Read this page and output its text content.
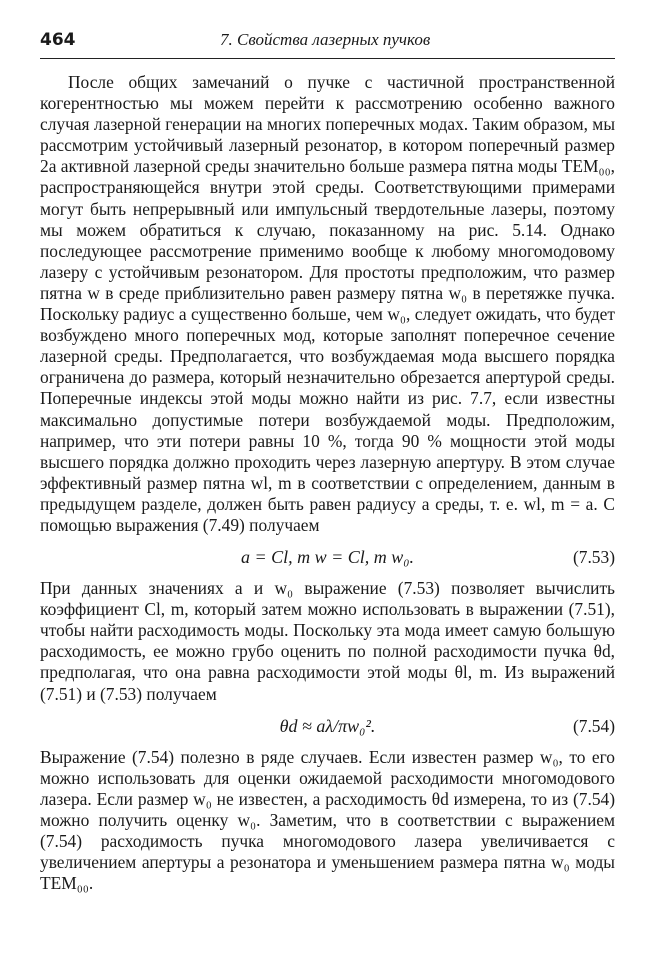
464	7. Свойства лазерных пучков

После общих замечаний о пучке с частичной пространственной когерентностью мы можем перейти к рассмотрению особенно важного случая лазерной генерации на многих поперечных модах. Таким образом, мы рассмотрим устойчивый лазерный резонатор, в котором поперечный размер 2a активной лазерной среды значительно больше размера пятна моды TEM₀₀, распространяющейся внутри этой среды. Соответствующими примерами могут быть непрерывный или импульсный твердотельные лазеры, поэтому мы можем обратиться к случаю, показанному на рис. 5.14. Однако последующее рассмотрение применимо вообще к любому многомодовому лазеру с устойчивым резонатором. Для простоты предположим, что размер пятна w в среде приблизительно равен размеру пятна w₀ в перетяжке пучка. Поскольку радиус a существенно больше, чем w₀, следует ожидать, что будет возбуждено много поперечных мод, которые заполнят поперечное сечение лазерной среды. Предполагается, что возбуждаемая мода высшего порядка ограничена до размера, который незначительно обрезается апертурой среды. Поперечные индексы этой моды можно найти из рис. 7.7, если известны максимально допустимые потери возбуждаемой моды. Предположим, например, что эти потери равны 10 %, тогда 90 % мощности этой моды высшего порядка должно проходить через лазерную апертуру. В этом случае эффективный размер пятна wl, m в соответствии с определением, данным в предыдущем разделе, должен быть равен радиусу a среды, т. е. wl, m = a. С помощью выражения (7.49) получаем

a = Cl, m w = Cl, m w₀.	(7.53)

При данных значениях a и w₀ выражение (7.53) позволяет вычислить коэффициент Cl, m, который затем можно использовать в выражении (7.51), чтобы найти расходимость моды. Поскольку эта мода имеет самую большую расходимость, ее можно грубо оценить по полной расходимости пучка θd, предполагая, что она равна расходимости этой моды θl, m. Из выражений (7.51) и (7.53) получаем

θd ≈ aλ/πw₀².	(7.54)

Выражение (7.54) полезно в ряде случаев. Если известен размер w₀, то его можно использовать для оценки ожидаемой расходимости многомодового лазера. Если размер w₀ не известен, а расходимость θd измерена, то из (7.54) можно получить оценку w₀. Заметим, что в соответствии с выражением (7.54) расходимость пучка многомодового лазера увеличивается с увеличением апертуры a резонатора и уменьшением размера пятна w₀ моды TEM₀₀.
